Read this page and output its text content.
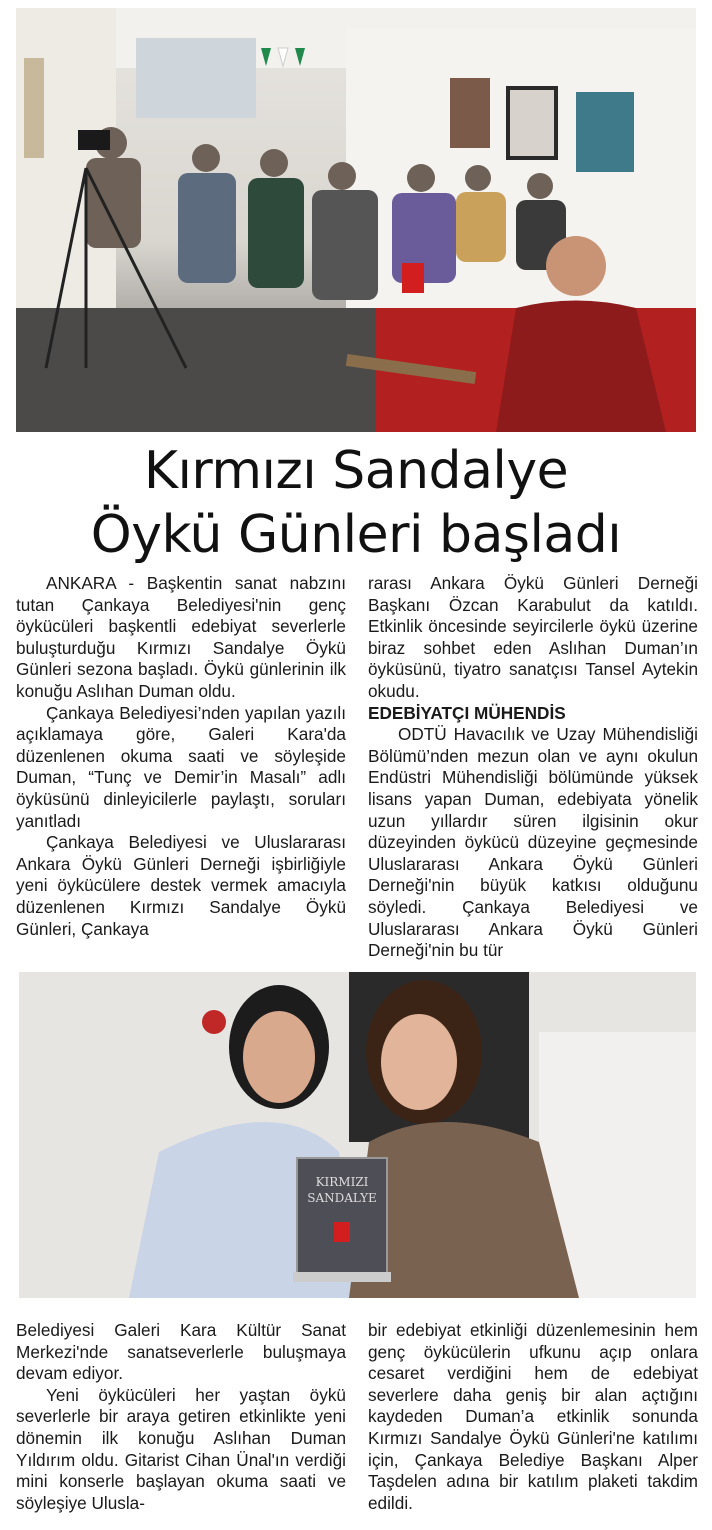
Kırmızı Sandalye
Öykü Günleri başladı

ANKARA - Başkentin sanat nabzını tutan Çankaya Belediyesi'nin genç öykücüleri başkentli edebiyat severlerle buluşturduğu Kırmızı Sandalye Öykü Günleri sezona başladı. Öykü günlerinin ilk konuğu Aslıhan Duman oldu.

Çankaya Belediyesi’nden yapılan yazılı açıklamaya göre, Galeri Kara'da düzenlenen okuma saati ve söyleşide Duman, “Tunç ve Demir’in Masalı” adlı öyküsünü dinleyicilerle paylaştı, soruları yanıtladı

Çankaya Belediyesi ve Uluslararası Ankara Öykü Günleri Derneği işbirliğiyle yeni öykücülere destek vermek amacıyla düzenlenen Kırmızı Sandalye Öykü Günleri, Çankaya

rarası Ankara Öykü Günleri Derneği Başkanı Özcan Karabulut da katıldı. Etkinlik öncesinde seyircilerle öykü üzerine biraz sohbet eden Aslıhan Duman’ın öyküsünü, tiyatro sanatçısı Tansel Aytekin okudu.

EDEBİYATÇI MÜHENDİS

ODTÜ Havacılık ve Uzay Mühendisliği Bölümü’nden mezun olan ve aynı okulun Endüstri Mühendisliği bölümünde yüksek lisans yapan Duman, edebiyata yönelik uzun yıllardır süren ilgisinin okur düzeyinden öykücü düzeyine geçmesinde Uluslararası Ankara Öykü Günleri Derneği'nin büyük katkısı olduğunu söyledi. Çankaya Belediyesi ve Uluslararası Ankara Öykü Günleri Derneği'nin bu tür

KIRMIZI
SANDALYE

Belediyesi Galeri Kara Kültür Sanat Merkezi'nde sanatseverlerle buluşmaya devam ediyor.

Yeni öykücüleri her yaştan öykü severlerle bir araya getiren etkinlikte yeni dönemin ilk konuğu Aslıhan Duman Yıldırım oldu. Gitarist Cihan Ünal'ın verdiği mini konserle başlayan okuma saati ve söyleşiye Ulusla-

bir edebiyat etkinliği düzenlemesinin hem genç öykücülerin ufkunu açıp onlara cesaret verdiğini hem de edebiyat severlere daha geniş bir alan açtığını kaydeden Duman’a etkinlik sonunda Kırmızı Sandalye Öykü Günleri'ne katılımı için, Çankaya Belediye Başkanı Alper Taşdelen adına bir katılım plaketi takdim edildi.
